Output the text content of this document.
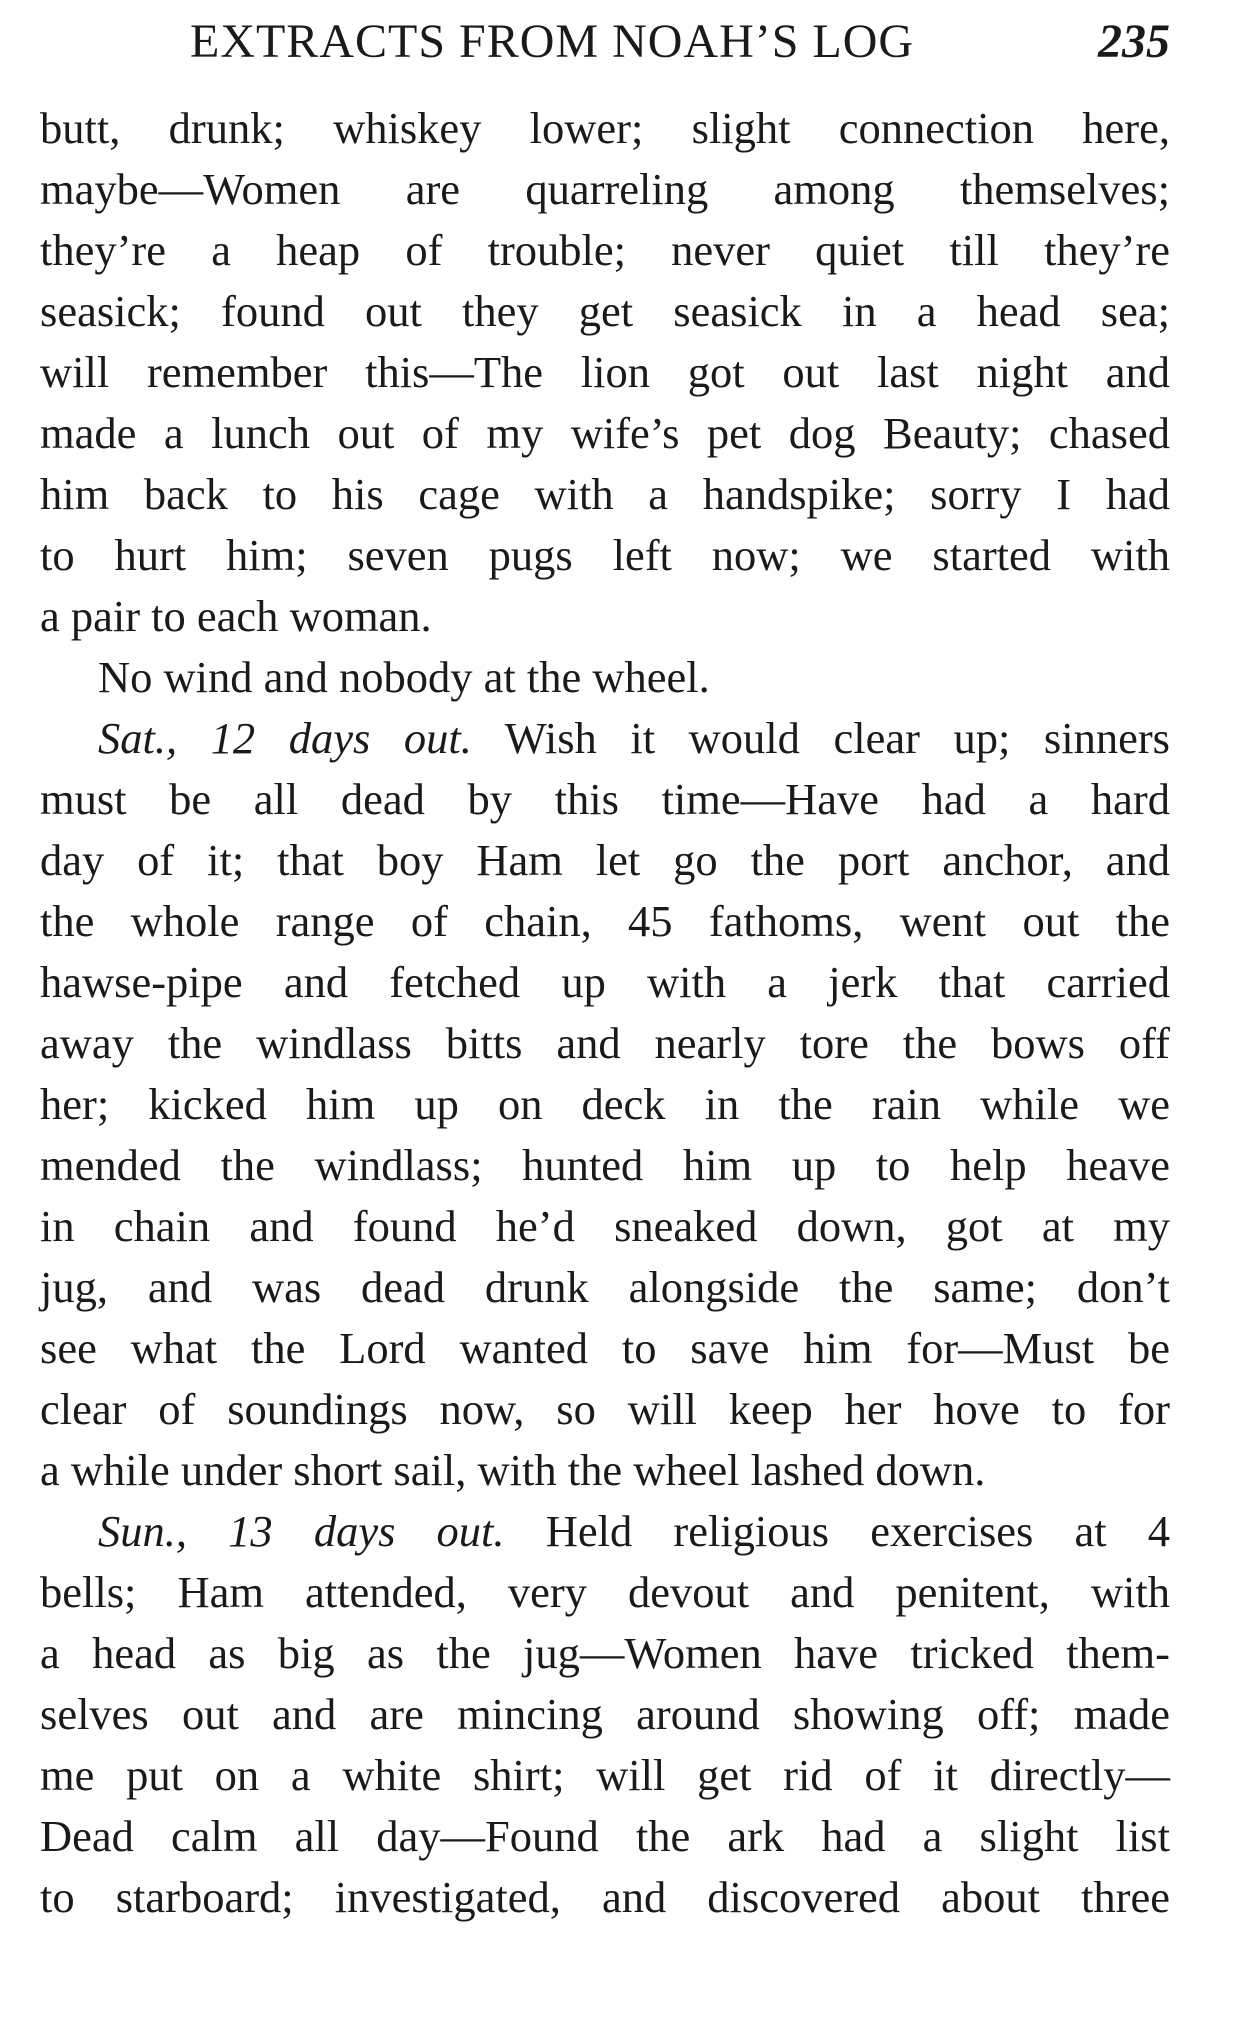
EXTRACTS FROM NOAH’S LOG	235
butt, drunk; whiskey lower; slight connection here,
maybe—Women are quarreling among themselves;
they’re a heap of trouble; never quiet till they’re
seasick; found out they get seasick in a head sea;
will remember this—The lion got out last night and
made a lunch out of my wife’s pet dog Beauty; chased
him back to his cage with a handspike; sorry I had
to hurt him; seven pugs left now; we started with
a pair to each woman.
No wind and nobody at the wheel.
Sat., 12 days out. Wish it would clear up; sinners
must be all dead by this time—Have had a hard
day of it; that boy Ham let go the port anchor, and
the whole range of chain, 45 fathoms, went out the
hawse-pipe and fetched up with a jerk that carried
away the windlass bitts and nearly tore the bows off
her; kicked him up on deck in the rain while we
mended the windlass; hunted him up to help heave
in chain and found he’d sneaked down, got at my
jug, and was dead drunk alongside the same; don’t
see what the Lord wanted to save him for—Must be
clear of soundings now, so will keep her hove to for
a while under short sail, with the wheel lashed down.
Sun., 13 days out. Held religious exercises at 4
bells; Ham attended, very devout and penitent, with
a head as big as the jug—Women have tricked them-
selves out and are mincing around showing off; made
me put on a white shirt; will get rid of it directly—
Dead calm all day—Found the ark had a slight list
to starboard; investigated, and discovered about three
